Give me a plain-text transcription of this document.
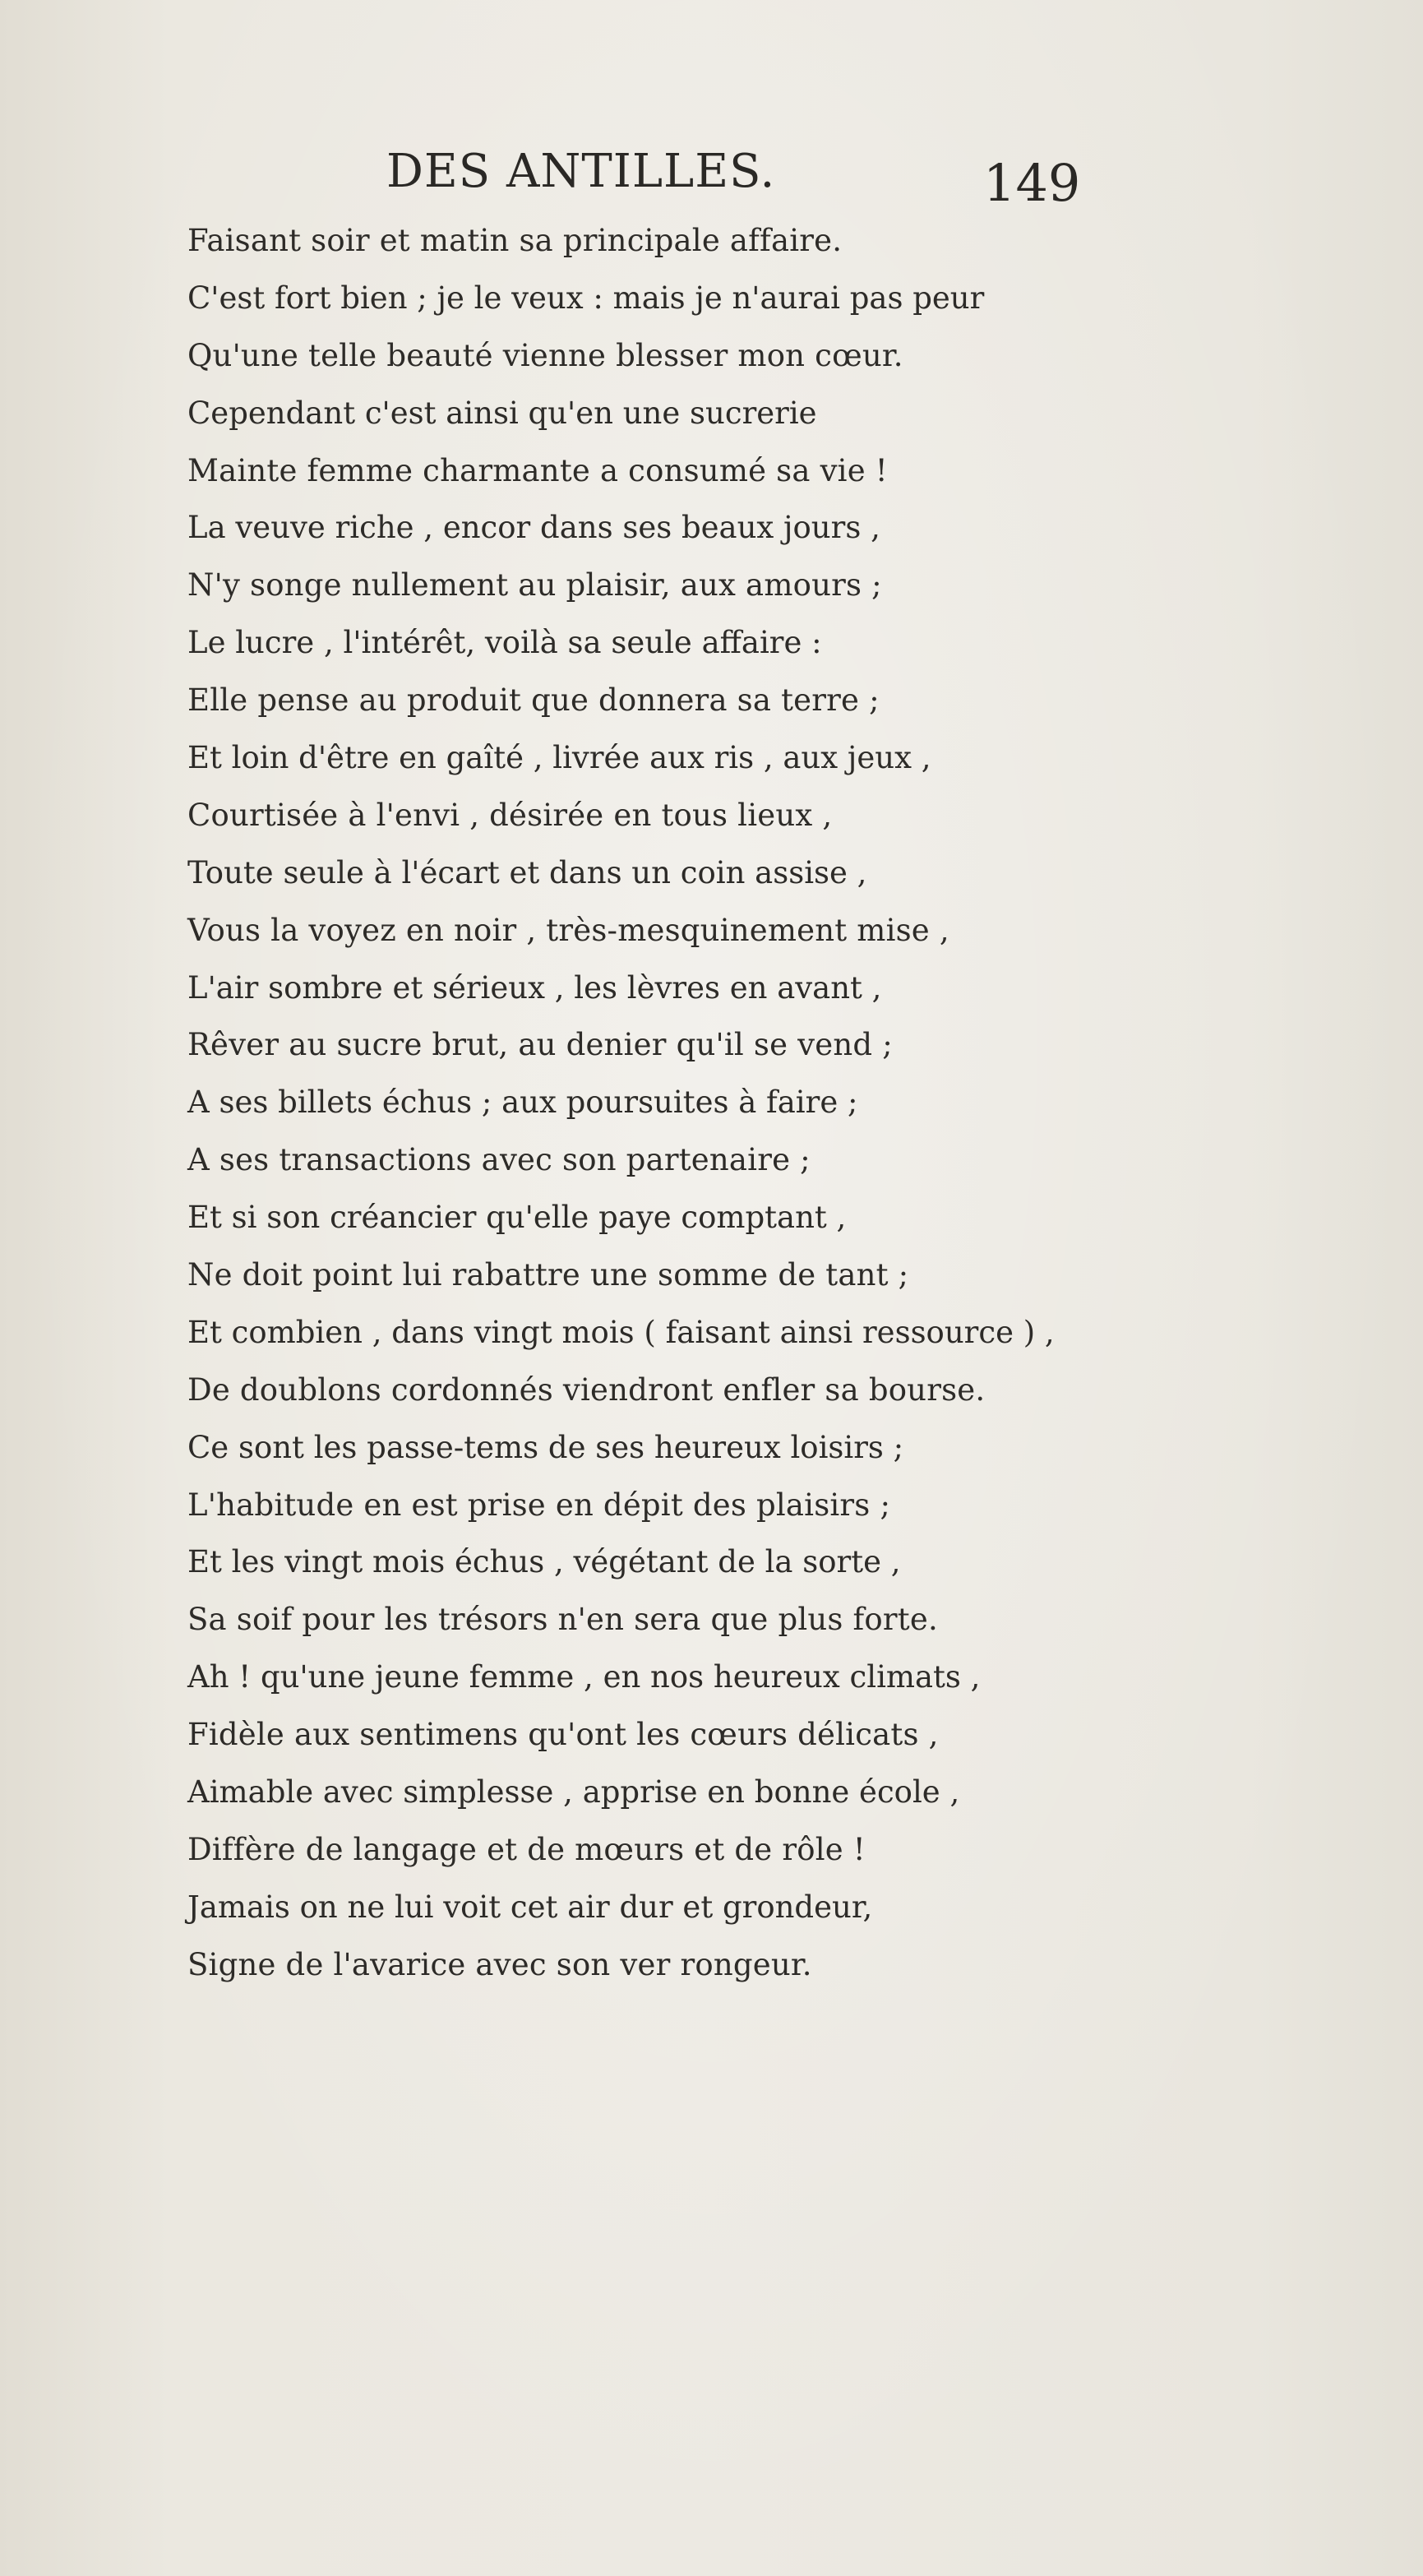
DES ANTILLES.	149
Faisant soir et matin sa principale affaire.
C'est fort bien ; je le veux : mais je n'aurai pas peur
Qu'une telle beauté vienne blesser mon cœur.
Cependant c'est ainsi qu'en une sucrerie
Mainte femme charmante a consumé sa vie !
La veuve riche , encor dans ses beaux jours ,
N'y songe nullement au plaisir, aux amours ;
Le lucre , l'intérêt, voilà sa seule affaire :
Elle pense au produit que donnera sa terre ;
Et loin d'être en gaîté , livrée aux ris , aux jeux ,
Courtisée à l'envi , désirée en tous lieux ,
Toute seule à l'écart et dans un coin assise ,
Vous la voyez en noir , très-mesquinement mise ,
L'air sombre et sérieux , les lèvres en avant ,
Rêver au sucre brut, au denier qu'il se vend ;
A ses billets échus ; aux poursuites à faire ;
A ses transactions avec son partenaire ;
Et si son créancier qu'elle paye comptant ,
Ne doit point lui rabattre une somme de tant ;
Et combien , dans vingt mois ( faisant ainsi ressource ) ,
De doublons cordonnés viendront enfler sa bourse.
Ce sont les passe-tems de ses heureux loisirs ;
L'habitude en est prise en dépit des plaisirs ;
Et les vingt mois échus , végétant de la sorte ,
Sa soif pour les trésors n'en sera que plus forte.
Ah ! qu'une jeune femme , en nos heureux climats ,
Fidèle aux sentimens qu'ont les cœurs délicats ,
Aimable avec simplesse , apprise en bonne école ,
Diffère de langage et de mœurs et de rôle !
Jamais on ne lui voit cet air dur et grondeur,
Signe de l'avarice avec son ver rongeur.
